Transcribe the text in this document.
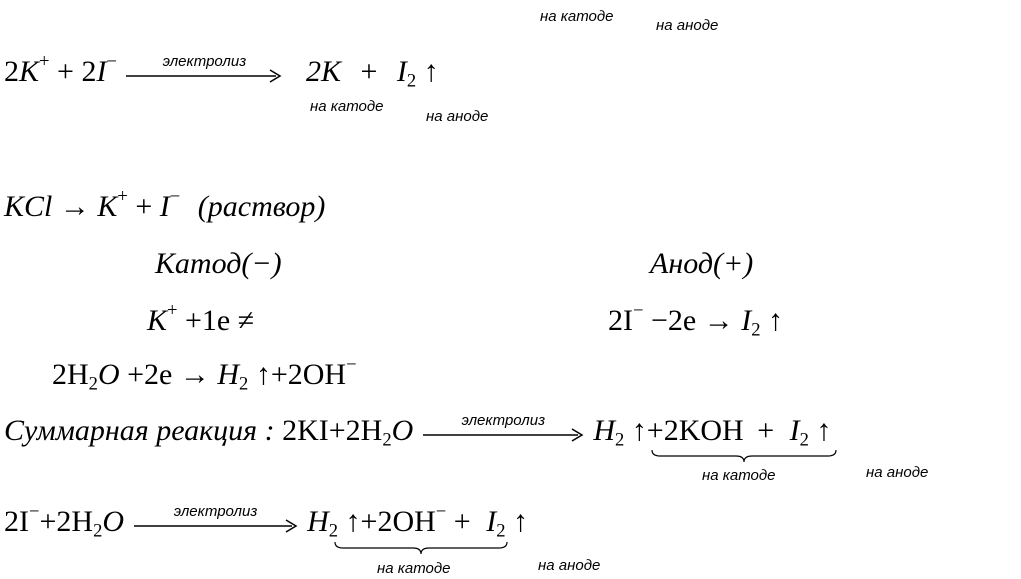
на катоде
на аноде
2K+ + 2I−	электролиз	$2K + I_2$ ↑
на катоде
на аноде
KCl → K+ + I− (раствор)
Катод(−)	Анод(+)
K+ +1e ≠	$2I^- -2e \to I_2$ ↑
$2H_2O +2e \to H_2$ ↑+2OH−
Суммарная реакция : $2KI+2H_2O$	электролиз	$H_2$ ↑+2KOH + $I_2$ ↑
на катоде	на аноде
$2I^-+2H_2O$	электролиз	$H_2$ ↑+2OH− + $I_2$ ↑
на катоде	на аноде
